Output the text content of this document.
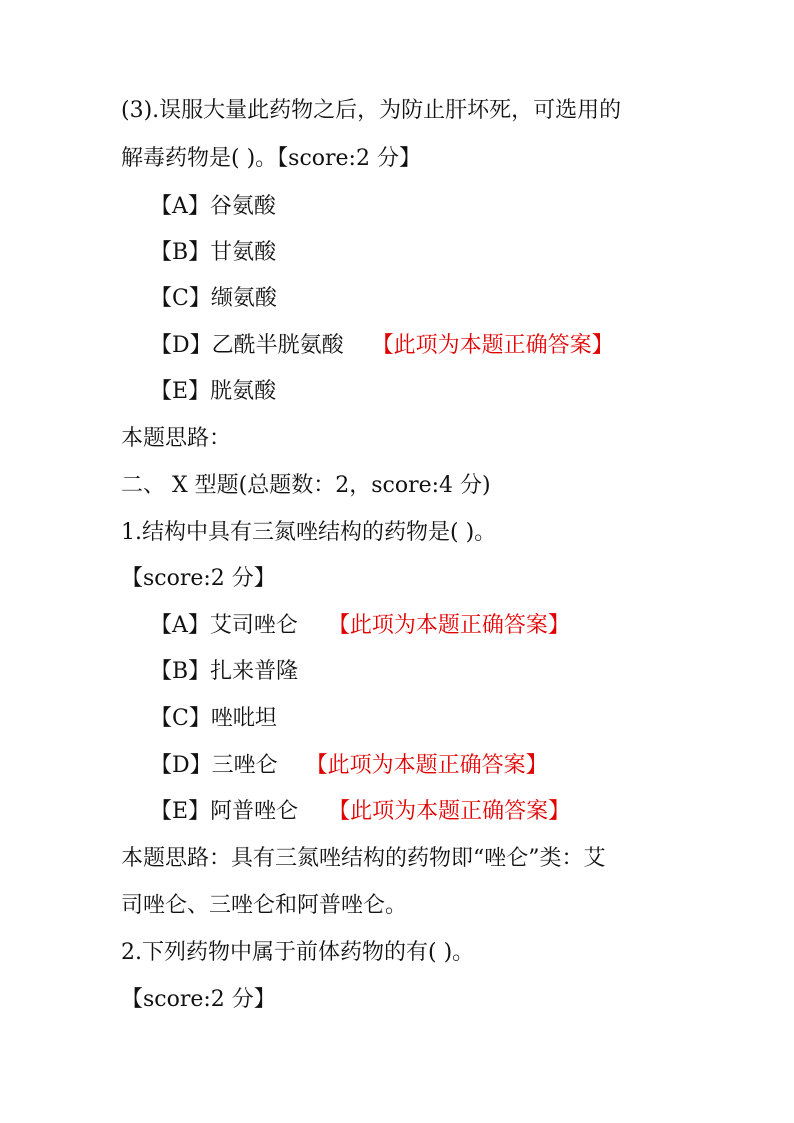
(3).误服大量此药物之后，为防止肝坏死，可选用的
解毒药物是( )。【score:2 分】
【A】谷氨酸
【B】甘氨酸
【C】缬氨酸
【D】乙酰半胱氨酸 【此项为本题正确答案】
【E】胱氨酸
本题思路：
二、 X 型题(总题数：2，score:4 分)
1.结构中具有三氮唑结构的药物是( )。
【score:2 分】
【A】艾司唑仑 【此项为本题正确答案】
【B】扎来普隆
【C】唑吡坦
【D】三唑仑 【此项为本题正确答案】
【E】阿普唑仑 【此项为本题正确答案】
本题思路：具有三氮唑结构的药物即“唑仑”类：艾
司唑仑、三唑仑和阿普唑仑。
2.下列药物中属于前体药物的有( )。
【score:2 分】
